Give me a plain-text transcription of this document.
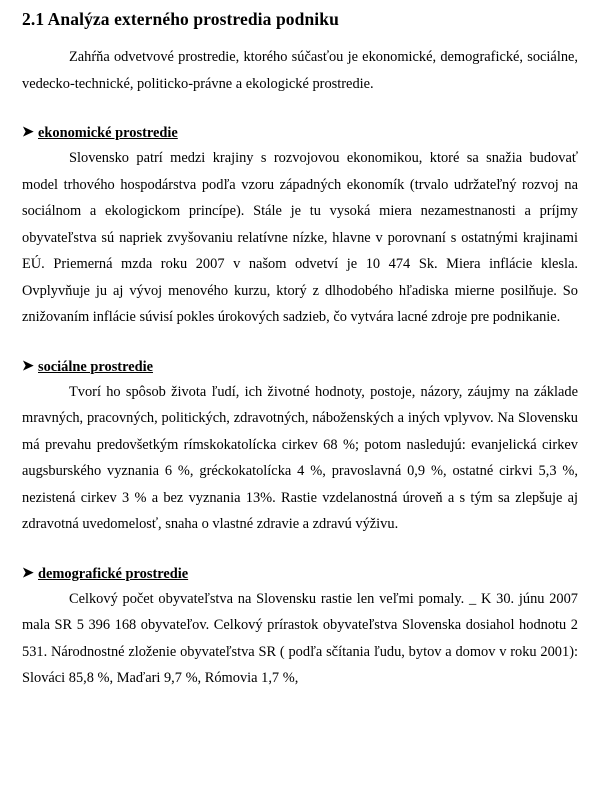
2.1 Analýza externého prostredia podniku

Zahŕňa odvetvové prostredie, ktorého súčasťou je ekonomické, demografické, sociálne, vedecko-technické, politicko-právne a ekologické prostredie.

➤ ekonomické prostredie

Slovensko patrí medzi krajiny s rozvojovou ekonomikou, ktoré sa snažia budovať model trhového hospodárstva podľa vzoru západných ekonomík (trvalo udržateľný rozvoj na sociálnom a ekologickom princípe). Stále je tu vysoká miera nezamestnanosti a príjmy obyvateľstva sú napriek zvyšovaniu relatívne nízke, hlavne v porovnaní s ostatnými krajinami EÚ. Priemerná mzda roku 2007 v našom odvetví je 10 474 Sk. Miera inflácie klesla. Ovplyvňuje ju aj vývoj menového kurzu, ktorý z dlhodobého hľadiska mierne posilňuje. So znižovaním inflácie súvisí pokles úrokových sadzieb, čo vytvára lacné zdroje pre podnikanie.

➤ sociálne prostredie

Tvorí ho spôsob života ľudí, ich životné hodnoty, postoje, názory, záujmy na základe mravných, pracovných, politických, zdravotných, náboženských a iných vplyvov. Na Slovensku má prevahu predovšetkým rímskokatolícka cirkev 68 %; potom nasledujú: evanjelická cirkev augsburského vyznania 6 %, gréckokatolícka 4 %, pravoslavná 0,9 %, ostatné cirkvi 5,3 %, nezistená cirkev 3 % a bez vyznania 13%. Rastie vzdelanostná úroveň a s tým sa zlepšuje aj zdravotná uvedomelosť, snaha o vlastné zdravie a zdravú výživu.

➤ demografické prostredie

Celkový počet obyvateľstva na Slovensku rastie len veľmi pomaly. _ K 30. júnu 2007 mala SR 5 396 168 obyvateľov. Celkový prírastok obyvateľstva Slovenska dosiahol hodnotu 2 531. Národnostné zloženie obyvateľstva SR ( podľa sčítania ľudu, bytov a domov v roku 2001): Slováci 85,8 %, Maďari 9,7 %, Rómovia 1,7 %,
